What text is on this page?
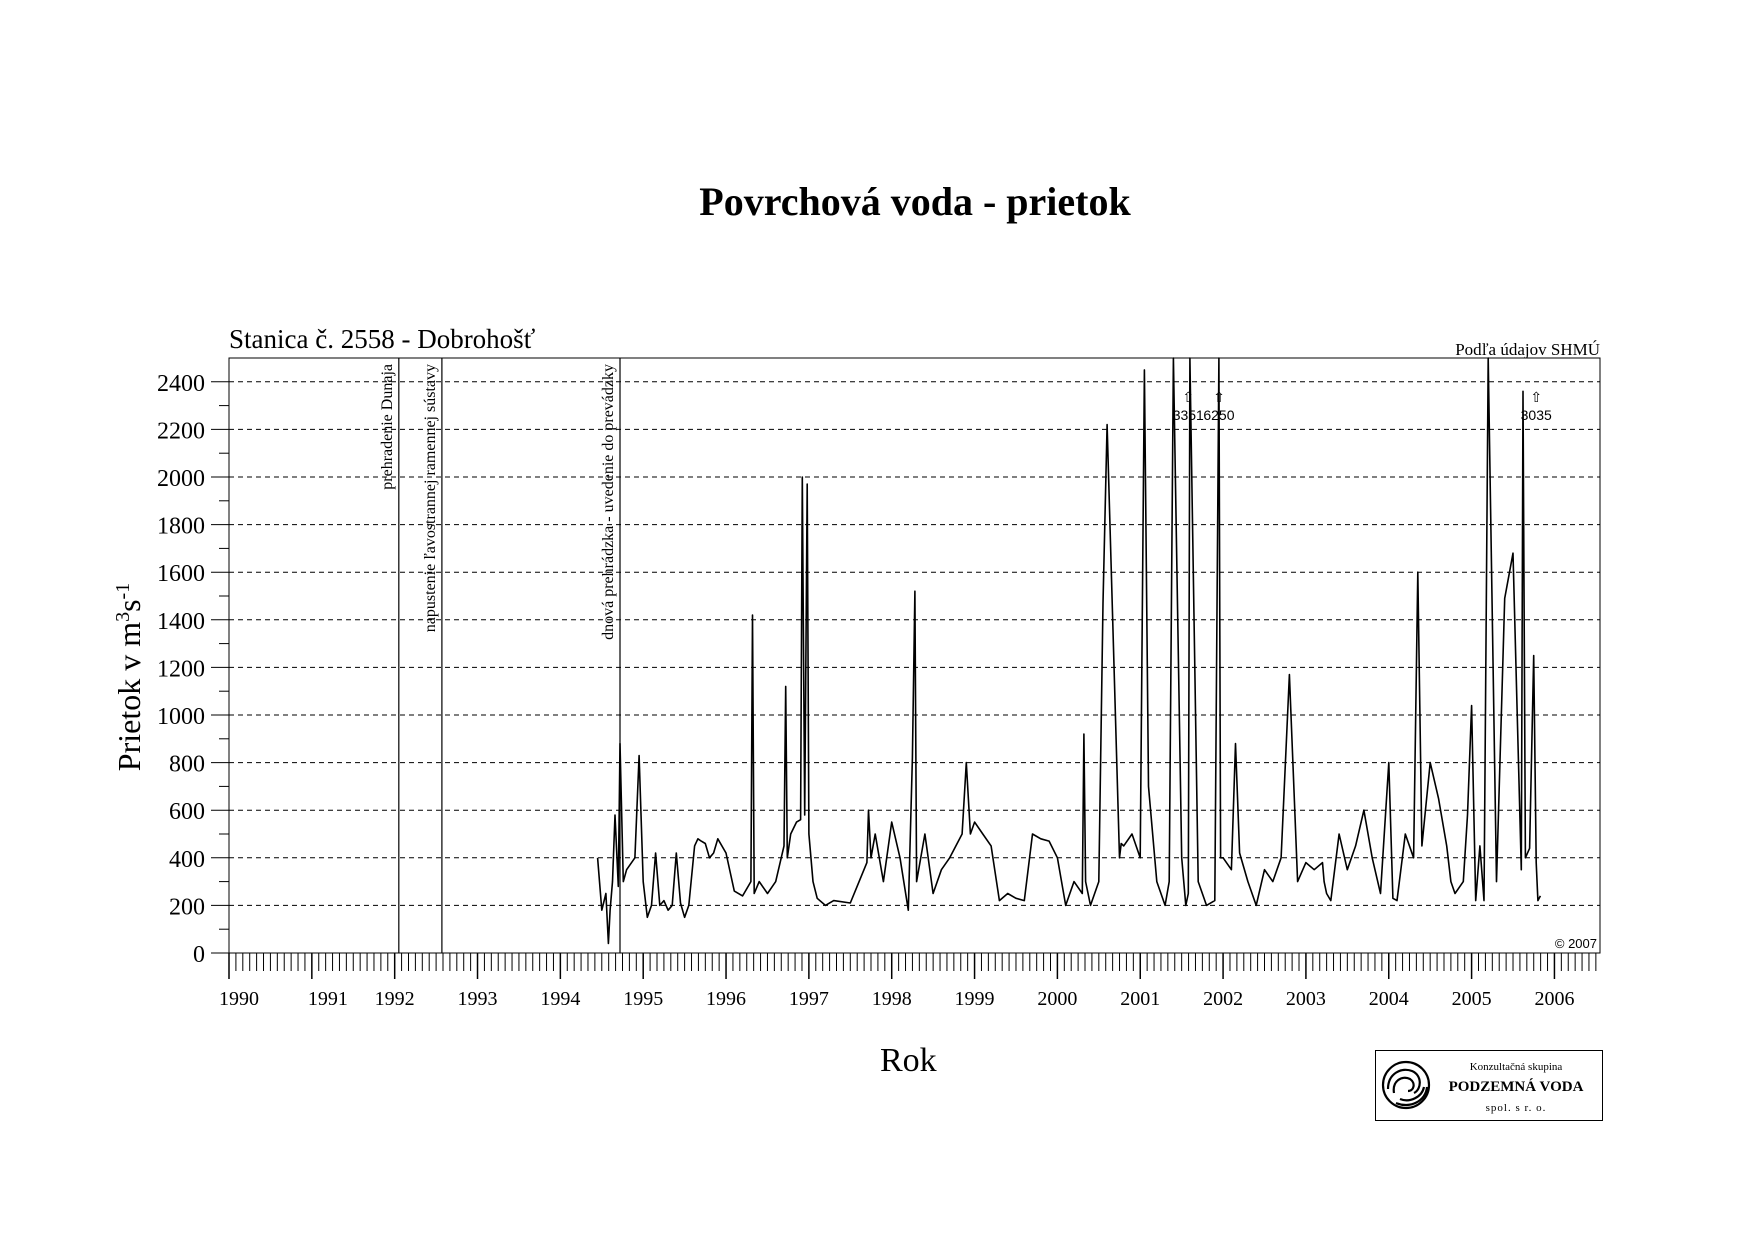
Povrchová voda - prietok
prehradenie Dunaja napustenie ľavostrannej ramennej sústavy	dnová prehrádzka - uvedenie do prevádzky	⇧
3351
⇧
6250
⇧
3035
0
200
400
600
800
1000
1200
1400
1600
1800
2000
2200
2400
1990 1991 1992 1993 1994 1995 1996 1997 1998 1999 2000 2001 2002 2003 2004 2005 2006
Stanica č. 2558 - Dobrohošť	Podľa údajov SHMÚ
© 2007
Prietok v $m^3s^{-1}$
Rok	Konzultačná skupina
PODZEMNÁ VODA
spol. s r. o.
